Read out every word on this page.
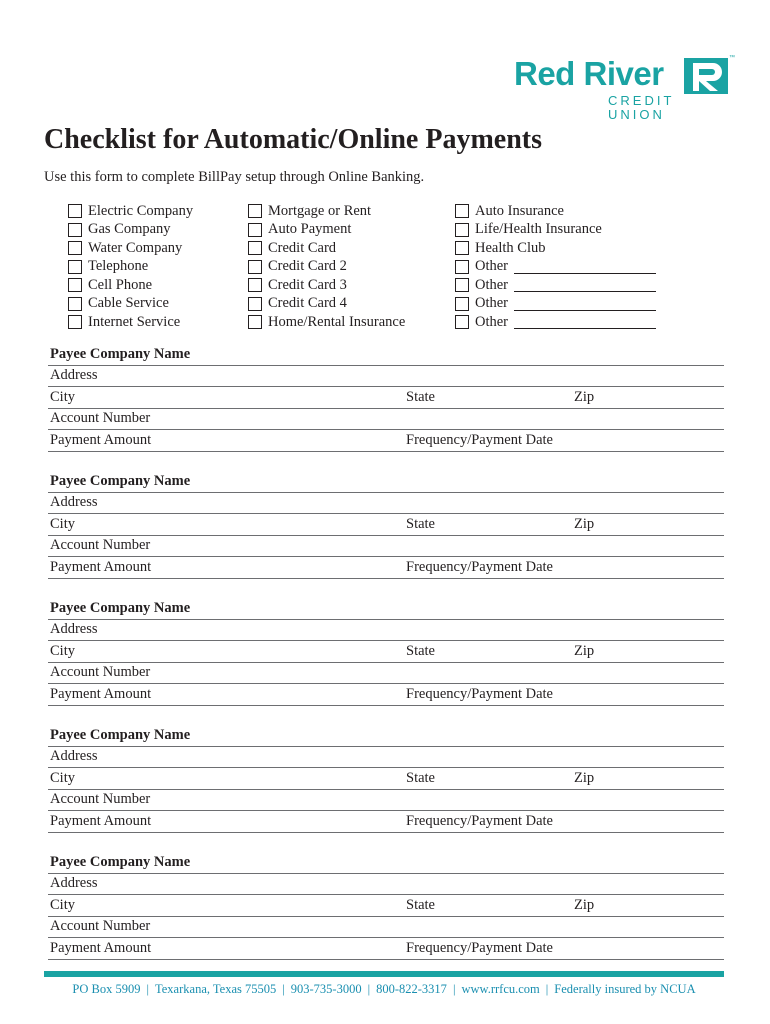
Red River	™
CREDIT UNION
Checklist for Automatic/Online Payments
Use this form to complete BillPay setup through Online Banking.
Electric Company
Gas Company
Water Company
Telephone
Cell Phone
Cable Service
Internet Service
Mortgage or Rent
Auto Payment
Credit Card
Credit Card 2
Credit Card 3
Credit Card 4
Home/Rental Insurance
Auto Insurance
Life/Health Insurance
Health Club
Other
Other
Other
Other
Payee Company Name
Address
City	State	Zip
Account Number
Payment Amount	Frequency/Payment Date
Payee Company Name
Address
City	State	Zip
Account Number
Payment Amount	Frequency/Payment Date
Payee Company Name
Address
City	State	Zip
Account Number
Payment Amount	Frequency/Payment Date
Payee Company Name
Address
City	State	Zip
Account Number
Payment Amount	Frequency/Payment Date
Payee Company Name
Address
City	State	Zip
Account Number
Payment Amount	Frequency/Payment Date
PO Box 5909 | Texarkana, Texas 75505 | 903-735-3000 | 800-822-3317 | www.rrfcu.com | Federally insured by NCUA
